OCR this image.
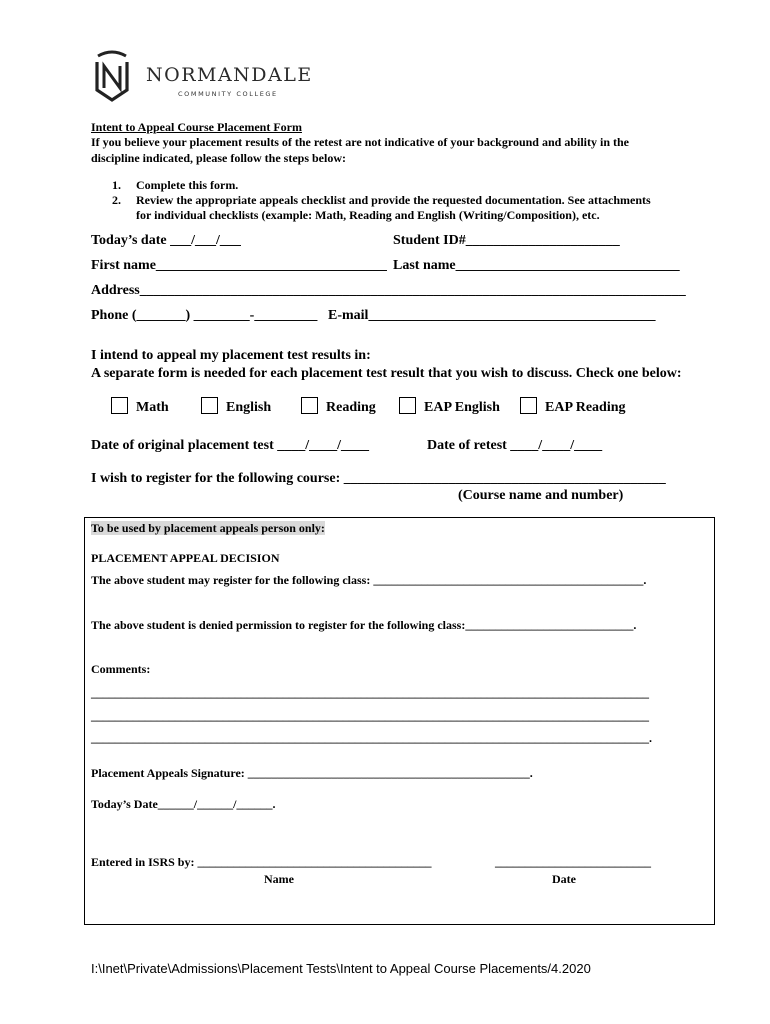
NORMANDALE
COMMUNITY COLLEGE
Intent to Appeal Course Placement Form
If you believe your placement results of the retest are not indicative of your background and ability in the
discipline indicated, please follow the steps below:
1. Complete this form.
2. Review the appropriate appeals checklist and provide the requested documentation. See attachments
for individual checklists (example: Math, Reading and English (Writing/Composition), etc.
Today’s date ___/___/___	Student ID#______________________
First name_________________________________ Last name________________________________
Address______________________________________________________________________________
Phone (_______) ________-_________ E-mail_________________________________________
I intend to appeal my placement test results in:
A separate form is needed for each placement test result that you wish to discuss. Check one below:
Math	English	Reading	EAP English	EAP Reading
Date of original placement test ____/____/____	Date of retest ____/____/____
I wish to register for the following course: ______________________________________________
(Course name and number)
To be used by placement appeals person only:
PLACEMENT APPEAL DECISION
The above student may register for the following class: _____________________________________________.
The above student is denied permission to register for the following class:____________________________.
Comments:
_____________________________________________________________________________________________
_____________________________________________________________________________________________
_____________________________________________________________________________________________.
Placement Appeals Signature: _______________________________________________.
Today’s Date______/______/______.
Entered in ISRS by: _______________________________________	__________________________
Name	Date
I:\Inet\Private\Admissions\Placement Tests\Intent to Appeal Course Placements/4.2020
